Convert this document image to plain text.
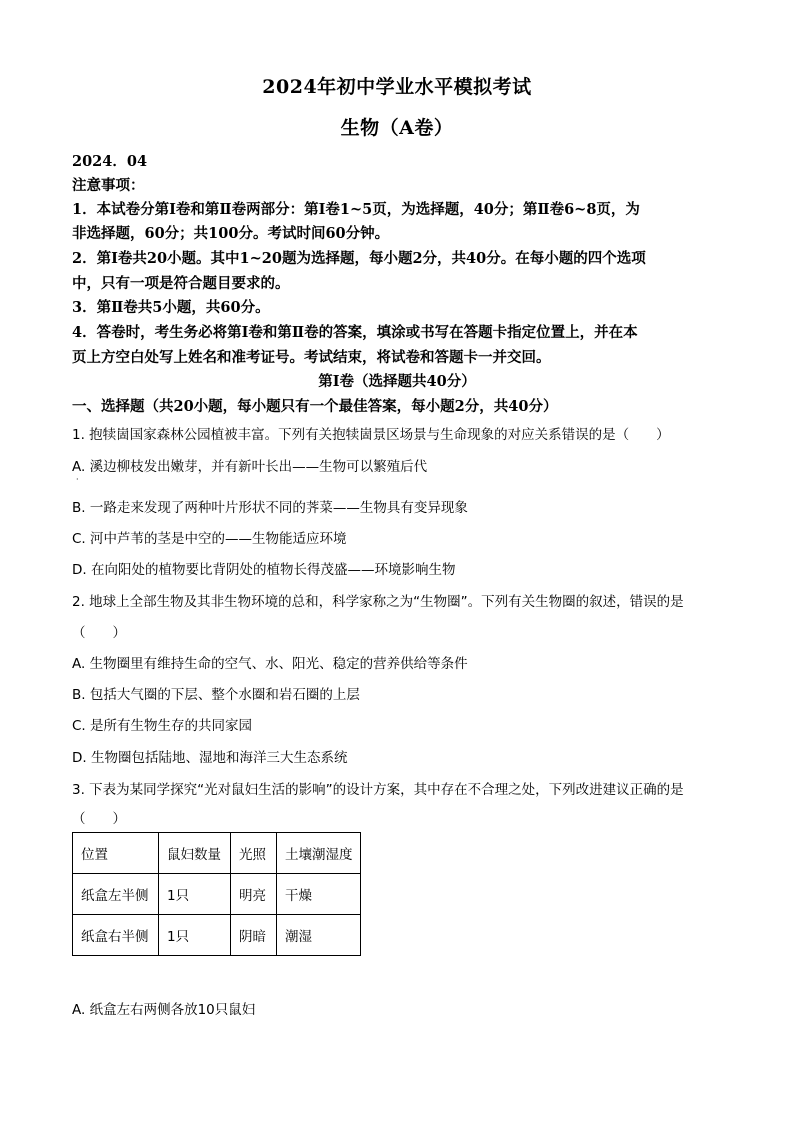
2024年初中学业水平模拟考试
生物（A卷）
2024．04
注意事项：
1．本试卷分第Ⅰ卷和第Ⅱ卷两部分：第Ⅰ卷1~5页，为选择题，40分；第Ⅱ卷6~8页，为
非选择题，60分；共100分。考试时间60分钟。
2．第Ⅰ卷共20小题。其中1~20题为选择题，每小题2分，共40分。在每小题的四个选项
中，只有一项是符合题目要求的。
3．第Ⅱ卷共5小题，共60分。
4．答卷时，考生务必将第Ⅰ卷和第Ⅱ卷的答案，填涂或书写在答题卡指定位置上，并在本
页上方空白处写上姓名和准考证号。考试结束，将试卷和答题卡一并交回。
第Ⅰ卷（选择题共40分）
一、选择题（共20小题，每小题只有一个最佳答案，每小题2分，共40分）
1. 抱犊崮国家森林公园植被丰富。下列有关抱犊崮景区场景与生命现象的对应关系错误的是（　　）
A. 溪边柳枝发出嫩芽，并有新叶长出——生物可以繁殖后代
·
B. 一路走来发现了两种叶片形状不同的荠菜——生物具有变异现象
C. 河中芦苇的茎是中空的——生物能适应环境
D. 在向阳处的植物要比背阴处的植物长得茂盛——环境影响生物
2. 地球上全部生物及其非生物环境的总和，科学家称之为“生物圈”。下列有关生物圈的叙述，错误的是
（　　）
A. 生物圈里有维持生命的空气、水、阳光、稳定的营养供给等条件
B. 包括大气圈的下层、整个水圈和岩石圈的上层
C. 是所有生物生存的共同家园
D. 生物圈包括陆地、湿地和海洋三大生态系统
3. 下表为某同学探究“光对鼠妇生活的影响”的设计方案，其中存在不合理之处，下列改进建议正确的是
（　　）
位置	鼠妇数量	光照	土壤潮湿度
纸盒左半侧	1只	明亮	干燥
纸盒右半侧	1只	阴暗	潮湿
A. 纸盒左右两侧各放10只鼠妇
